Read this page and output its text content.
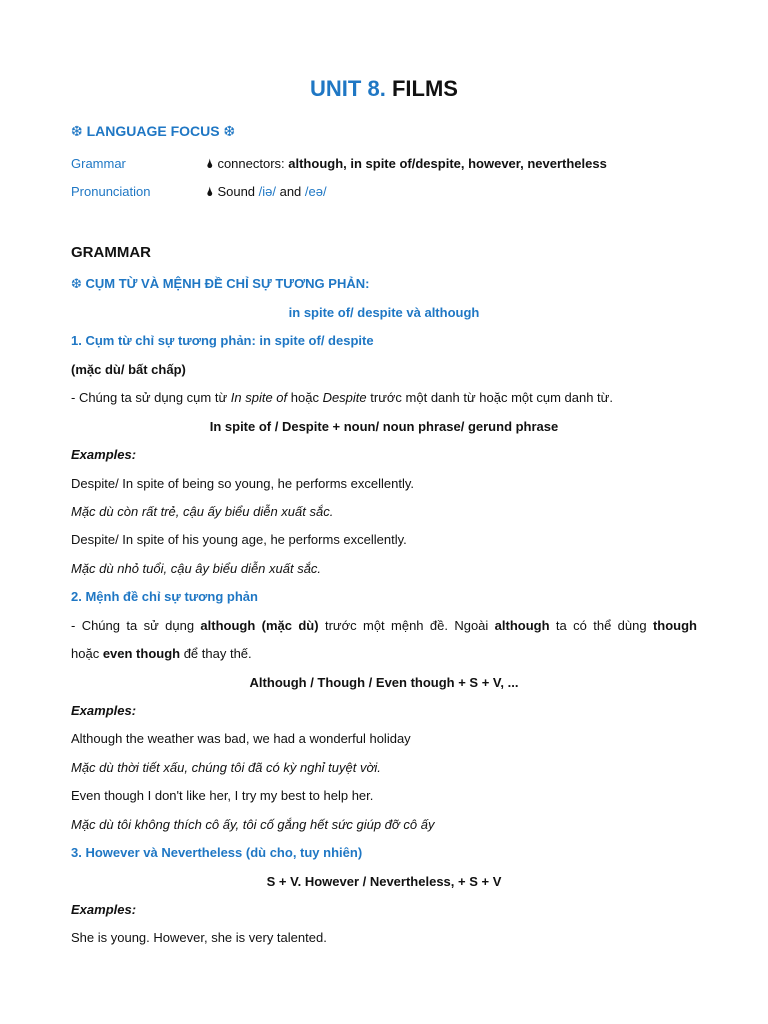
UNIT 8. FILMS
❆ LANGUAGE FOCUS ❆
Grammar	🌢 connectors: although, in spite of/despite, however, nevertheless
Pronunciation	🌢 Sound /iə/ and /eə/
GRAMMAR
❆ CỤM TỪ VÀ MỆNH ĐỀ CHỈ SỰ TƯƠNG PHẢN:
in spite of/ despite và although
1. Cụm từ chỉ sự tương phản: in spite of/ despite
(mặc dù/ bất chấp)
- Chúng ta sử dụng cụm từ In spite of hoặc Despite trước một danh từ hoặc một cụm danh từ.
In spite of / Despite + noun/ noun phrase/ gerund phrase
Examples:
Despite/ In spite of being so young, he performs excellently.
Mặc dù còn rất trẻ, cậu ấy biểu diễn xuất sắc.
Despite/ In spite of his young age, he performs excellently.
Mặc dù nhỏ tuổi, cậu ây biểu diễn xuất sắc.
2. Mệnh đề chỉ sự tương phản
- Chúng ta sử dụng although (mặc dù) trước một mệnh đề. Ngoài although ta có thể dùng though
hoặc even though để thay thế.
Although / Though / Even though + S + V, ...
Examples:
Although the weather was bad, we had a wonderful holiday
Mặc dù thời tiết xấu, chúng tôi đã có kỳ nghỉ tuyệt vời.
Even though I don't like her, I try my best to help her.
Mặc dù tôi không thích cô ấy, tôi cố gắng hết sức giúp đỡ cô ấy
3. However và Nevertheless (dù cho, tuy nhiên)
S + V. However / Nevertheless, + S + V
Examples:
She is young. However, she is very talented.
